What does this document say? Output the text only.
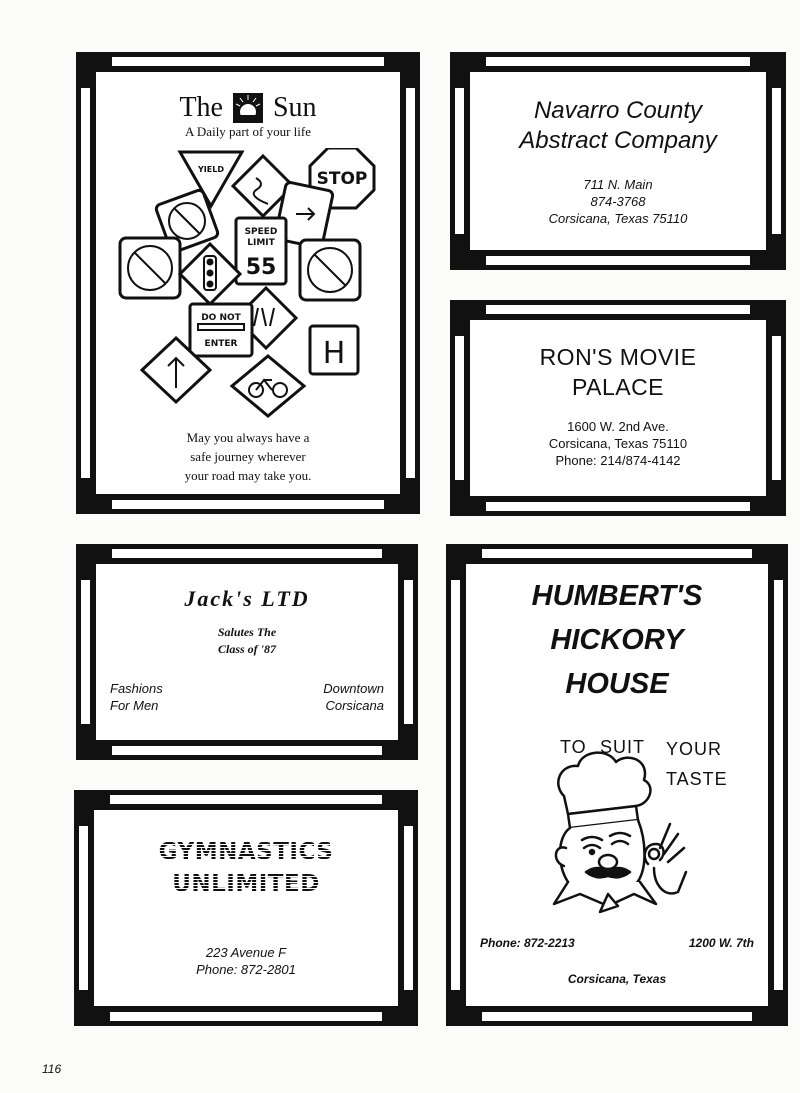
The Sun
A Daily part of your life
YIELD	STOP
SPEED
LIMIT
55
DO NOT
ENTER	H
May you always have a
safe journey wherever
your road may take you.
Navarro County
Abstract Company
711 N. Main
874-3768
Corsicana, Texas 75110
RON'S MOVIE
PALACE
1600 W. 2nd Ave.
Corsicana, Texas 75110
Phone: 214/874-4142
Jack's LTD
Salutes The
Class of '87
Fashions
For Men
Downtown
Corsicana
GYMNASTICS
UNLIMITED
223 Avenue F
Phone: 872-2801
HUMBERT'S
HICKORY
HOUSE
TO SUIT YOUR
TASTE
Phone: 872-2213	1200 W. 7th
Corsicana, Texas
116
